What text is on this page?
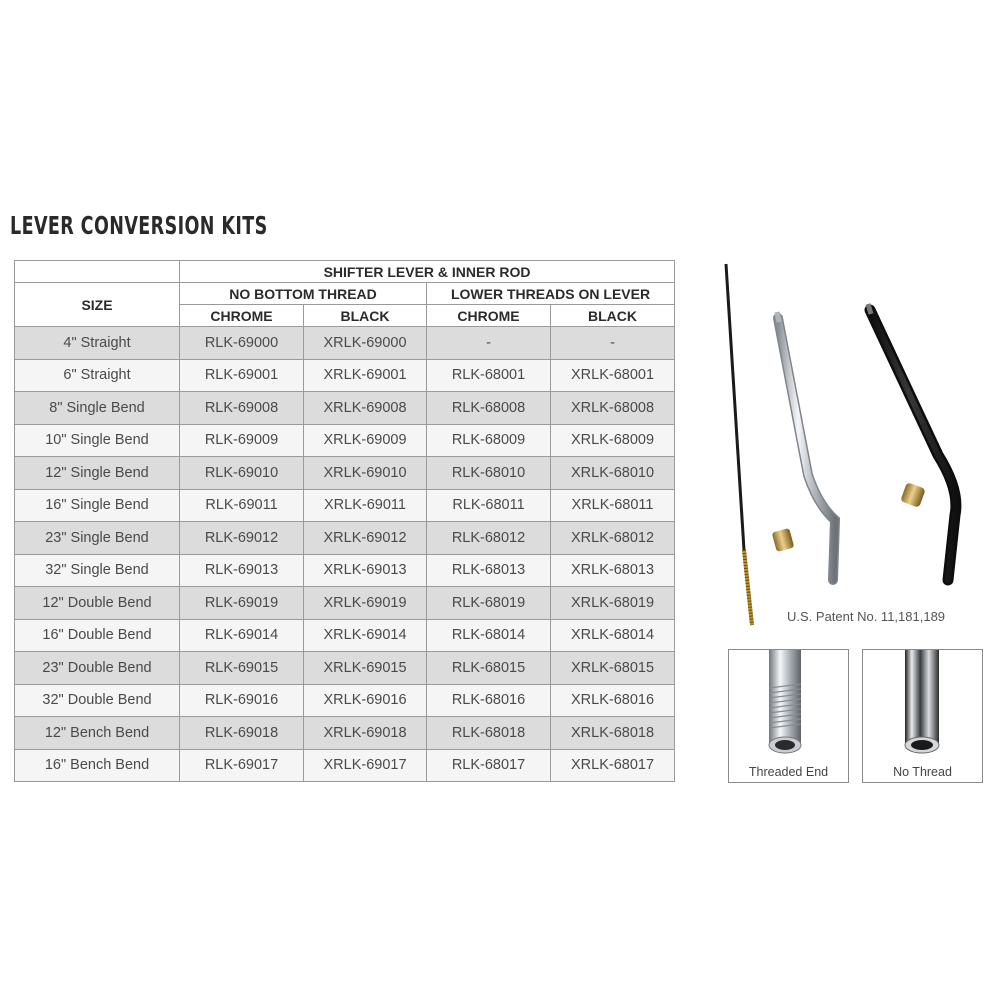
LEVER CONVERSION KITS
	SHIFTER LEVER & INNER ROD			
SIZE	NO BOTTOM THREAD		LOWER THREADS ON LEVER	
	CHROME	BLACK	CHROME	BLACK
4" Straight	RLK-69000	XRLK-69000	-	-
6" Straight	RLK-69001	XRLK-69001	RLK-68001	XRLK-68001
8" Single Bend	RLK-69008	XRLK-69008	RLK-68008	XRLK-68008
10" Single Bend	RLK-69009	XRLK-69009	RLK-68009	XRLK-68009
12" Single Bend	RLK-69010	XRLK-69010	RLK-68010	XRLK-68010
16" Single Bend	RLK-69011	XRLK-69011	RLK-68011	XRLK-68011
23" Single Bend	RLK-69012	XRLK-69012	RLK-68012	XRLK-68012
32" Single Bend	RLK-69013	XRLK-69013	RLK-68013	XRLK-68013
12" Double Bend	RLK-69019	XRLK-69019	RLK-68019	XRLK-68019
16" Double Bend	RLK-69014	XRLK-69014	RLK-68014	XRLK-68014
23" Double Bend	RLK-69015	XRLK-69015	RLK-68015	XRLK-68015
32" Double Bend	RLK-69016	XRLK-69016	RLK-68016	XRLK-68016
12" Bench Bend	RLK-69018	XRLK-69018	RLK-68018	XRLK-68018
16" Bench Bend	RLK-69017	XRLK-69017	RLK-68017	XRLK-68017
U.S. Patent No. 11,181,189
Threaded End	No Thread
